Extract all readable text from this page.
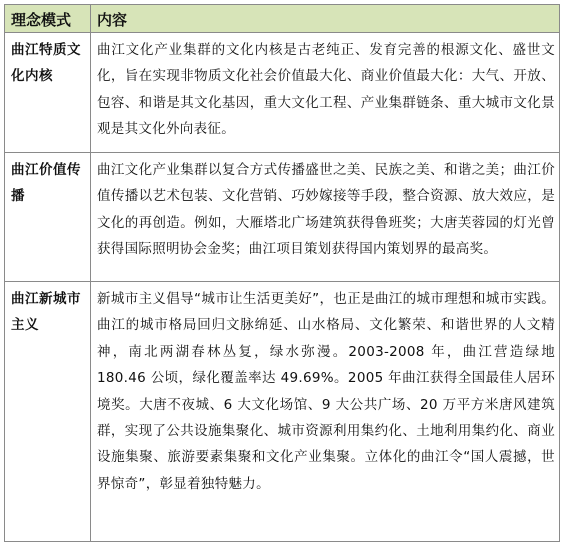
理念模式	内容

曲江特质文化内核	曲江文化产业集群的文化内核是古老纯正、发育完善的根源文化、盛世文化，旨在实现非物质文化社会价值最大化、商业价值最大化：大气、开放、包容、和谐是其文化基因，重大文化工程、产业集群链条、重大城市文化景观是其文化外向表征。

曲江价值传播	曲江文化产业集群以复合方式传播盛世之美、民族之美、和谐之美；曲江价值传播以艺术包装、文化营销、巧妙嫁接等手段，整合资源、放大效应，是文化的再创造。例如，大雁塔北广场建筑获得鲁班奖；大唐芙蓉园的灯光曾获得国际照明协会金奖；曲江项目策划获得国内策划界的最高奖。

曲江新城市主义	新城市主义倡导“城市让生活更美好”，也正是曲江的城市理想和城市实践。曲江的城市格局回归文脉绵延、山水格局、文化繁荣、和谐世界的人文精神，南北两湖春林丛复，绿水弥漫。2003-2008 年，曲江营造绿地 180.46 公顷，绿化覆盖率达 49.69%。2005 年曲江获得全国最佳人居环境奖。大唐不夜城、6 大文化场馆、9 大公共广场、20 万平方米唐风建筑群，实现了公共设施集聚化、城市资源利用集约化、土地利用集约化、商业设施集聚、旅游要素集聚和文化产业集聚。立体化的曲江令“国人震撼，世界惊奇”，彰显着独特魅力。
